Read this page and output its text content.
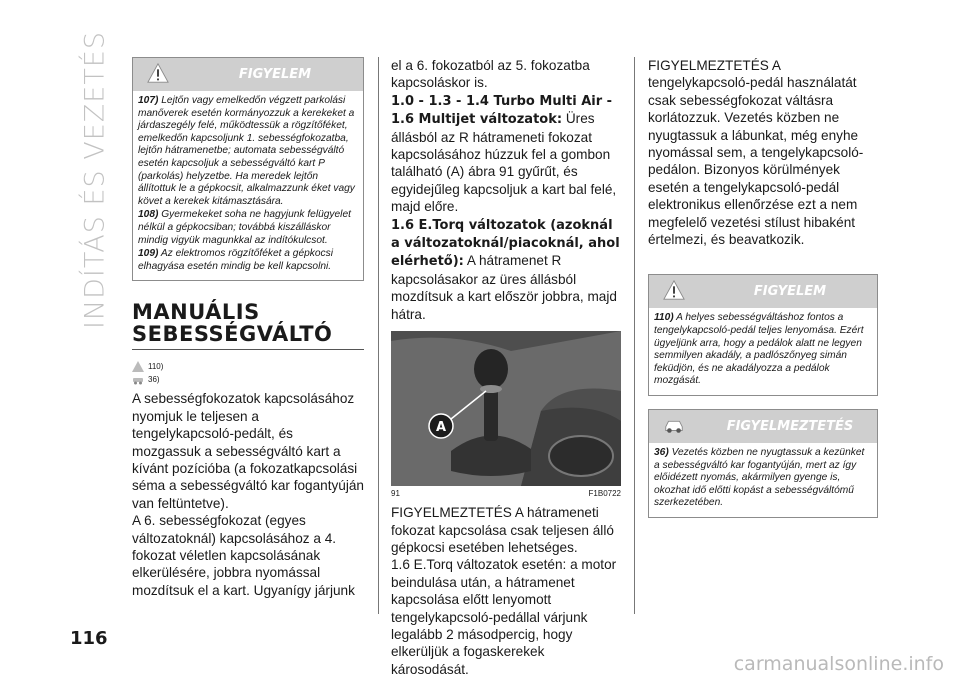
INDÍTÁS ÉS VEZETÉS
116
FIGYELEM

107) Lejtőn vagy emelkedőn végzett parkolási manőverek esetén kormányozzuk a kerekeket a járdaszegély felé, működtessük a rögzítőféket, emelkedőn kapcsoljunk 1. sebességfokozatba, lejtőn hátramenetbe; automata sebességváltó esetén kapcsoljuk a sebességváltó kart P (parkolás) helyzetbe. Ha meredek lejtőn állítottuk le a gépkocsit, alkalmazzunk éket vagy követ a kerekek kitámasztására.

108) Gyermekeket soha ne hagyjunk felügyelet nélkül a gépkocsiban; továbbá kiszálláskor mindig vigyük magunkkal az indítókulcsot.

109) Az elektromos rögzítőféket a gépkocsi elhagyása esetén mindig be kell kapcsolni.

MANUÁLIS
SEBESSÉGVÁLTÓ
110)
36)

A sebességfokozatok kapcsolásához nyomjuk le teljesen a tengelykapcsoló-pedált, és mozgassuk a sebességváltó kart a kívánt pozícióba (a fokozatkapcsolási séma a sebességváltó kar fogantyúján van feltüntetve).

A 6. sebességfokozat (egyes változatoknál) kapcsolásához a 4. fokozat véletlen kapcsolásának elkerülésére, jobbra nyomással mozdítsuk el a kart. Ugyanígy járjunk

el a 6. fokozatból az 5. fokozatba kapcsoláskor is.

1.0 - 1.3 - 1.4 Turbo Multi Air - 1.6 Multijet változatok: Üres állásból az R hátrameneti fokozat kapcsolásához húzzuk fel a gombon található (A) ábra 91 gyűrűt, és egyidejűleg kapcsoljuk a kart bal felé, majd előre.

1.6 E.Torq változatok (azoknál a változatoknál/piacoknál, ahol elérhető): A hátramenet R kapcsolásakor az üres állásból mozdítsuk a kart először jobbra, majd hátra.

A
91	F1B0722

FIGYELMEZTETÉS A hátrameneti fokozat kapcsolása csak teljesen álló gépkocsi esetében lehetséges.

1.6 E.Torq változatok esetén: a motor beindulása után, a hátramenet kapcsolása előtt lenyomott tengelykapcsoló-pedállal várjunk legalább 2 másodpercig, hogy elkerüljük a fogaskerekek károsodását.

FIGYELMEZTETÉS A tengelykapcsoló-pedál használatát csak sebességfokozat váltásra korlátozzuk. Vezetés közben ne nyugtassuk a lábunkat, még enyhe nyomással sem, a tengelykapcsoló-pedálon. Bizonyos körülmények esetén a tengelykapcsoló-pedál elektronikus ellenőrzése ezt a nem megfelelő vezetési stílust hibaként értelmezi, és beavatkozik.

FIGYELEM

110) A helyes sebességváltáshoz fontos a tengelykapcsoló-pedál teljes lenyomása. Ezért ügyeljünk arra, hogy a pedálok alatt ne legyen semmilyen akadály, a padlószőnyeg simán feküdjön, és ne akadályozza a pedálok mozgását.

FIGYELMEZTETÉS

36) Vezetés közben ne nyugtassuk a kezünket a sebességváltó kar fogantyúján, mert az így előidézett nyomás, akármilyen gyenge is, okozhat idő előtti kopást a sebességváltómű szerkezetében.

carmanualsonline.info
